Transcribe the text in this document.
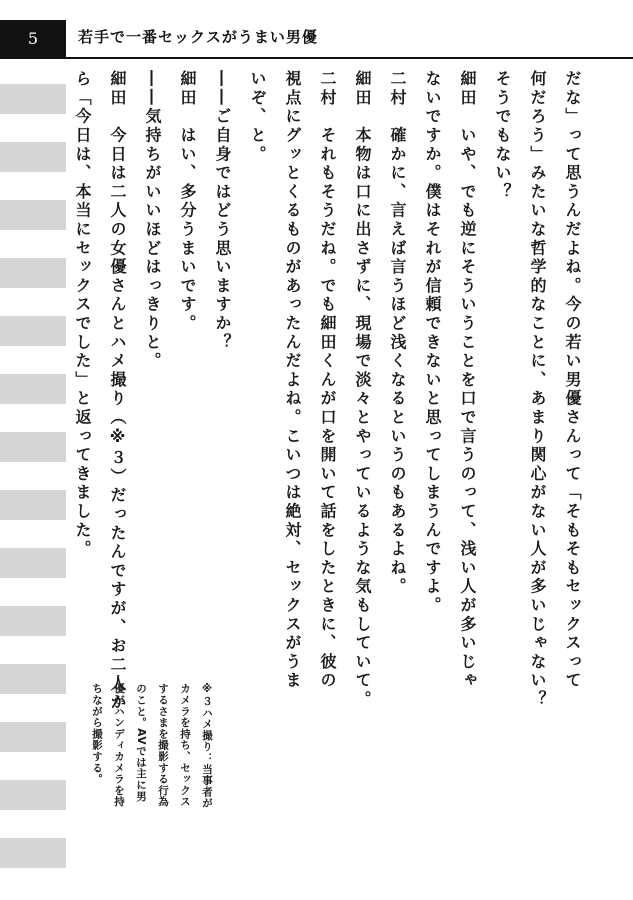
5	若手で一番セックスがうまい男優

だな」って思うんだよね。今の若い男優さんって「そもそもセックスって

何だろう」みたいな哲学的なことに、あまり関心がない人が多いじゃない？

そうでもない？

細田　いや、でも逆にそういうことを口で言うのって、浅い人が多いじゃ

ないですか。僕はそれが信頼できないと思ってしまうんですよ。

二村　確かに、言えば言うほど浅くなるというのもあるよね。

細田　本物は口に出さずに、現場で淡々とやっているような気もしていて。

二村　それもそうだね。でも細田くんが口を開いて話をしたときに、彼の

視点にグッとくるものがあったんだよね。こいつは絶対、セックスがうま

いぞ、と。

――ご自身ではどう思いますか？

細田　はい、多分うまいです。

――気持ちがいいほどはっきりと。

細田　今日は二人の女優さんとハメ撮り（※３）だったんですが、お二人か

ら「今日は、本当にセックスでした」と返ってきました。

※３ハメ撮り：当事者が

カメラを持ち、セックス

するさまを撮影する行為

のこと。AVでは主に男

優がハンディカメラを持

ちながら撮影する。
